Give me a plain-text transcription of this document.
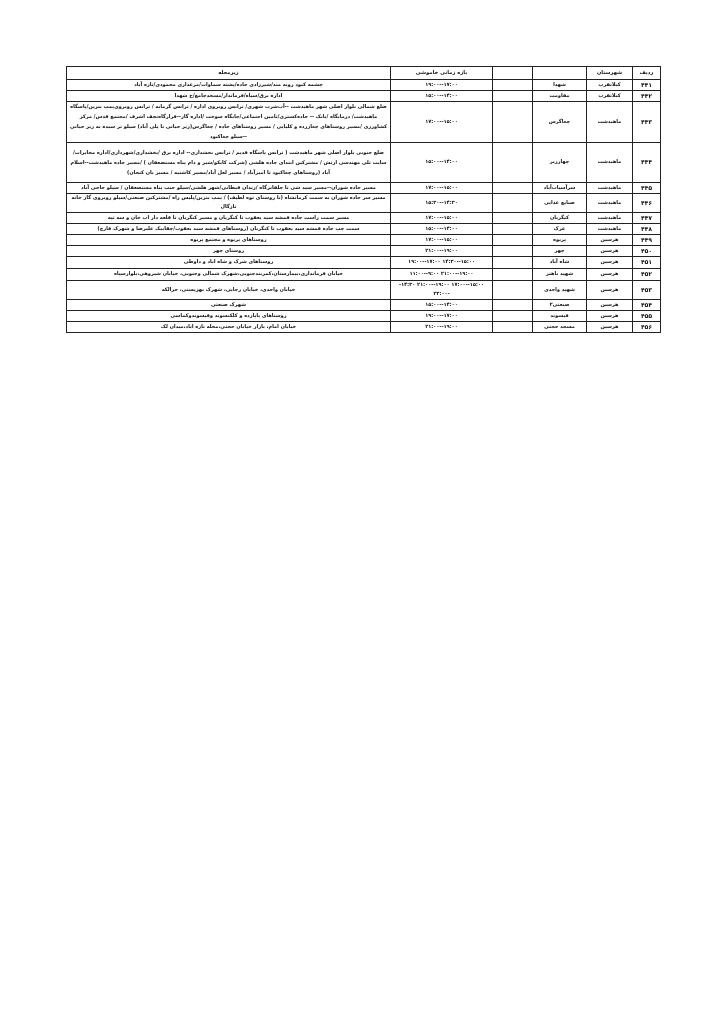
ردیف	شهرستان			بازه زمانی خاموشی	زیرمحله
۴۴۱	کبلانقرب	شهدا		۱۷:۰۰--۱۹:۰۰	چشمه کبود رونه مند/شیرزادی جاده/پشته سماوات/مرغداری محمودی/تازه آباد
۴۴۲	کبلانقرب	مقاومت		۱۴:۰۰--۱۵:۰۰	اداره برق/سپاه/فرماندار/مسجدجامع/خ شهدا
۴۴۳	ماهیدشت	چغاگرس		۱۵:۰۰--۱۷:۰۰	ضلع شمالی بلوار اصلی شهر ماهیدشت --آب‌شرب شهری/ ترانس رو‌بروی اداره / ترانس گرمابه / ترانس روبروی‌پمپ بنزین/پاسگاه ماهیدشت/ درمانگاه /بانک -- جاده‌کستری/تامین اجتماعی/جایگاه سوخت /اداره گاز--قرارگاه‌نجف اشرف /مجتمع قدس/ مرکز کشاورزی /مسیر روستاهای چغازرده و کلیایی / مسیر روستاهای جاده / چغاگرس(زیر حیاتی تا پلی آباد) سیلو تر سیده به زیر حیاتی --سیلو چغاکبود
۴۴۴	ماهیدشت	چهارزبر		۱۴:۰۰--۱۵:۰۰	ضلع جنوبی بلوار اصلی شهر ماهیدشت ( ترانس پاسگاه قدیم / ترانس بخشداری-- اداره برق /بخشداری/شهرداری/اداره مخابرات/سایت تلی مهندسی ارتش / مشترکین ابتدای جاده هلشی (شرکت کابکو/شیر و دام پناه مستضعفان ) /مسیر جاده ماهیدشت--اسلام آباد (روستاهای چغاکبود تا امیرآباد / مسیر لعل آباد/مسیر کاشتیه / مسیر بان کنجان)
۴۴۵	ماهیدشت	سرآسیاب‌آباد		۱۵:۰۰--۱۷:۰۰	مسیر جاده شوران--مسیر سید شی تا جلفانزگاه /زندان قیطانی/شهر هلشی/سیلو جنب پناه مستضعفان / سیلو حاجی آباد
۴۴۶	ماهیدشت	صنایع غذایی		۱۴:۳۰--۱۵:۳۰	مسیر سر جاده شوران به سمت کرمانشاه (تا روستای توه لطیف) / پمپ بنزین/پلیس راه /مشترکین صنعتی/سیلو روبروی گاز خانه تازگال
۴۴۷	ماهیدشت	کنگربان		۱۵:۰۰--۱۷:۰۰	مسیر سمت راست جاده قمشه سید یعقوب تا کنگربان و مسیر کنگربان تا قلعه دار اب خان و سه تپه
۴۴۸	ماهیدشت	عرک		۱۴:۰۰--۱۵:۰۰	سمت چپ جاده قمشه سید یعقوب تا کنگربان (روستاهای قمشه سید یعقوب/چقابیک علیرضا و شهرک فارچ)
۴۴۹	هرسین	پریوه		۱۵:۰۰--۱۷:۰۰	روستاهای پریوه و مجتمع پریوه
۴۵۰	هرسین	چهر		۱۹:۰۰--۲۱:۰۰	روستای چهر
۴۵۱	هرسین	شاه آباد		۱۵:۰۰--۱۴:۳۰ ۱۷:۰۰--۱۹:۰۰	روستاهای شرک و شاه اباد و داوطی
۴۵۲	هرسین	شهید باهنر		۱۹:۰۰--۲۱:۰۰ ۹:۰۰--۱۱:۰۰	خیابان قرمانداری،بیمارستان،کمربندجنوبی،شهرک شمالی وجنوبی، خیابان شیروهی،بلوارسپاه
۴۵۳	هرسین	شهید واحدی		۱۵:۰۰--۱۷:۰۰ ۱۹:۰۰--۲۱:۰۰ ۱۴:۳۰--۲۳:۰۰	خیابان واحدی، خیابان رجایی، شهرک بهزیستی، جرالکه
۴۵۴	هرسین	صنعتی۲		۱۴:۰۰--۱۵:۰۰	شهرک صنعتی
۴۵۵	هرسین	فیسوند		۱۷:۰۰--۱۹:۰۰	روستاهای پاپازده و کلکنسوند وقیسوندوکماسی
۴۵۶	هرسین	مسجد حجتی		۱۹:۰۰--۲۱:۰۰	خیابان امام، بازار خیابان حجتی،محله تازه اباد،میدان لک
